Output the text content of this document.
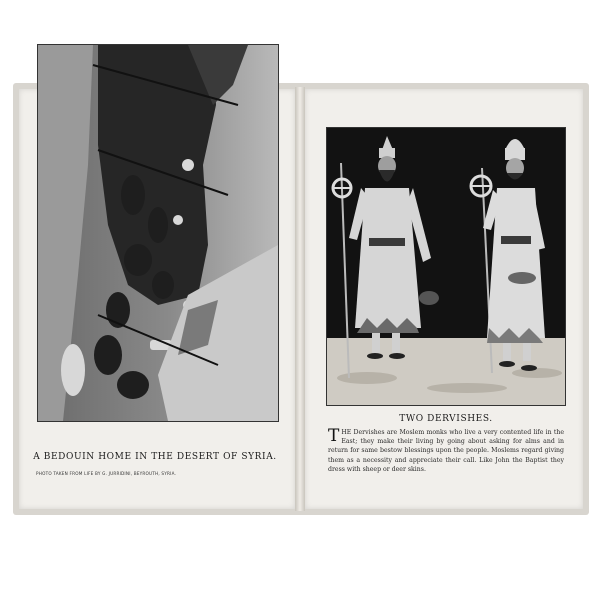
A BEDOUIN HOME IN THE DESERT OF SYRIA.
PHOTO TAKEN FROM LIFE BY G. JURRIDINI, BEYROUTH, SYRIA.
TWO DERVISHES.
THE Dervishes are Moslem monks who live a very contented life in the East; they make their living by going about asking for alms and in return for same bestow blessings upon the people. Moslems regard giving them as a necessity and appreciate their call. Like John the Baptist they dress with sheep or deer skins.
